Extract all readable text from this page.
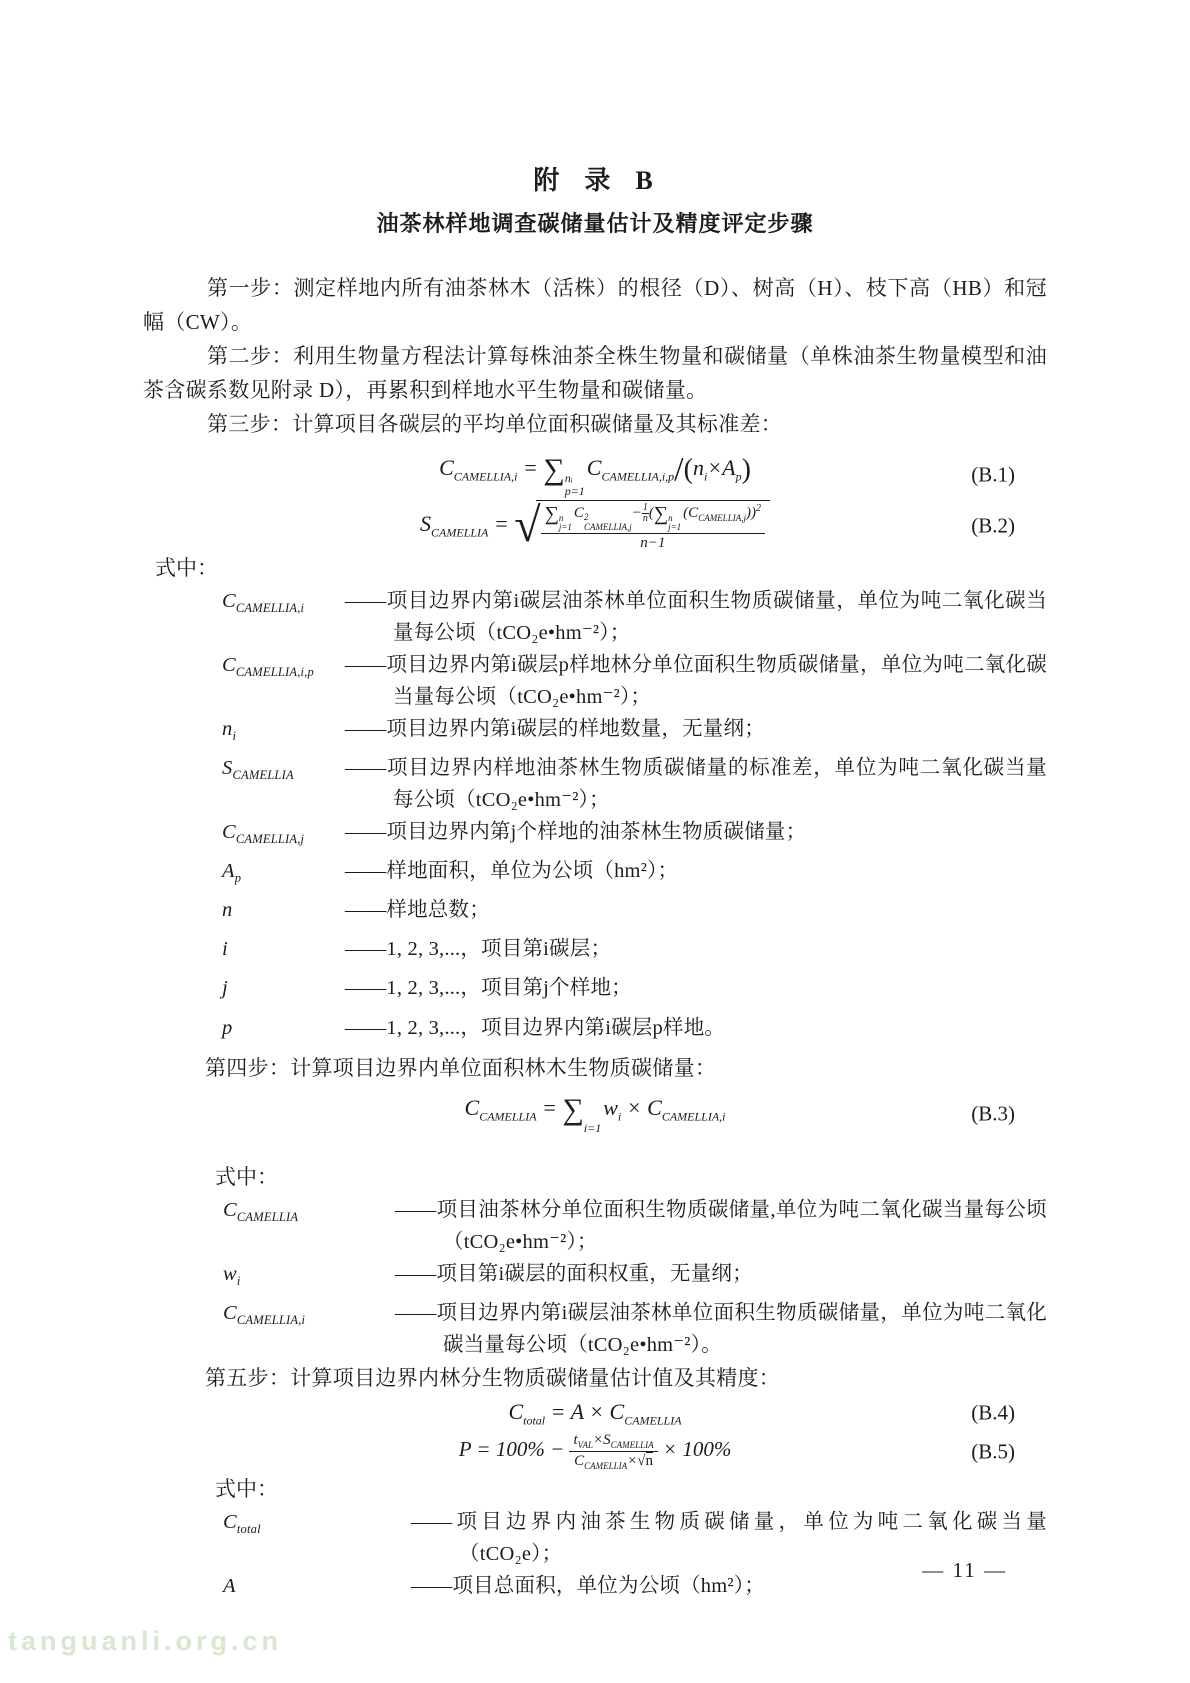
附  录  B
油茶林样地调查碳储量估计及精度评定步骤

第一步：测定样地内所有油茶林木（活株）的根径（D）、树高（H）、枝下高（HB）和冠幅（CW）。

第二步：利用生物量方程法计算每株油茶全株生物量和碳储量（单株油茶生物量模型和油茶含碳系数见附录 D），再累积到样地水平生物量和碳储量。

第三步：计算项目各碳层的平均单位面积碳储量及其标准差：

$C_{CAMELLIA,i}$ = ∑ nᵢ
p=1
$C_{CAMELLIA,i,p}/(n_i\times A_p)$	(B.1)
$S_{CAMELLIA}$ = √ ∑ n
j=1
C 2
CAMELLIA,j
− $\frac{1}{n}$ (∑ n
j=1
$(C_{CAMELLIA,j}))^2$
n−1	(B.2)

式中：

$C_{CAMELLIA,i}$	——项目边界内第i碳层油茶林单位面积生物质碳储量，单位为吨二氧化碳当量每公顷（tCO₂e•hm⁻²）；
$C_{CAMELLIA,i,p}$	——项目边界内第i碳层p样地林分单位面积生物质碳储量，单位为吨二氧化碳当量每公顷（tCO₂e•hm⁻²）；
$n_i$	——项目边界内第i碳层的样地数量，无量纲；
$S_{CAMELLIA}$	——项目边界内样地油茶林生物质碳储量的标准差，单位为吨二氧化碳当量每公顷（tCO₂e•hm⁻²）；
$C_{CAMELLIA,j}$	——项目边界内第j个样地的油茶林生物质碳储量；
$A_p$	——样地面积，单位为公顷（hm²）；
n	——样地总数；
i	——1, 2, 3,...，项目第i碳层；
j	——1, 2, 3,...，项目第j个样地；
p	——1, 2, 3,...，项目边界内第i碳层p样地。

第四步：计算项目边界内单位面积林木生物质碳储量：

$C_{CAMELLIA}$ = ∑
i=1
$w_i \times C_{CAMELLIA,i}$	(B.3)

式中：

$C_{CAMELLIA}$	——项目油茶林分单位面积生物质碳储量,单位为吨二氧化碳当量每公顷（tCO₂e•hm⁻²）；
$w_i$	——项目第i碳层的面积权重，无量纲；
$C_{CAMELLIA,i}$	——项目边界内第i碳层油茶林单位面积生物质碳储量，单位为吨二氧化碳当量每公顷（tCO₂e•hm⁻²）。

第五步：计算项目边界内林分生物质碳储量估计值及其精度：

$C_{total} = A \times C_{CAMELLIA}$	(B.4)
$P = 100\% - \frac{t_{VAL}\times S_{CAMELLIA}}{C_{CAMELLIA}\times√n} \times 100\%$	(B.5)

式中：

$C_{total}$	——项目边界内油茶生物质碳储量，单位为吨二氧化碳当量（tCO₂e）；
A	——项目总面积，单位为公顷（hm²）；
— 11 —
tanguanli.org.cn
